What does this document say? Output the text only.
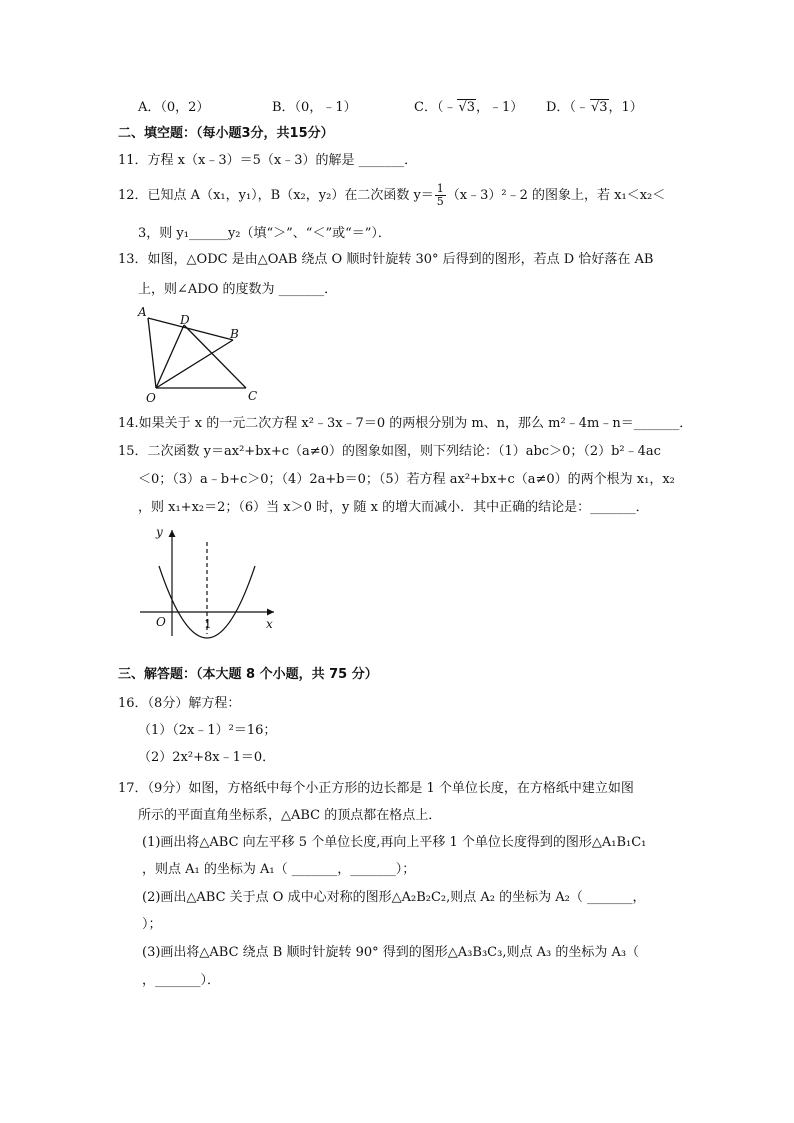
A．（0，2）	B．（0，﹣1）	C．（﹣ √3，﹣1） D．（﹣ √3，1）
二、填空题：（每小题3分，共15分）
11．方程 x（x﹣3）＝5（x﹣3）的解是 _______．
12．已知点 A（x₁，y₁），B（x₂，y₂）在二次函数 $y= \frac{1}{5}$ （x﹣3）²﹣2 的图象上，若 x₁＜x₂＜
3，则 y₁______y₂（填“＞”、“＜”或“＝”）．
13．如图，△ODC 是由△OAB 绕点 O 顺时针旋转 30° 后得到的图形，若点 D 恰好落在 AB
上，则∠ADO 的度数为 _______．
A
D
B
O	C
14.如果关于 x 的一元二次方程 x²﹣3x﹣7＝0 的两根分别为 m、n，那么 m²﹣4m﹣n＝_______．
15．二次函数 y＝ax²+bx+c（a≠0）的图象如图，则下列结论：（1）abc＞0；（2）b²﹣4ac
＜0；（3）a﹣b+c＞0；（4）2a+b＝0；（5）若方程 ax²+bx+c（a≠0）的两个根为 x₁，x₂
，则 x₁+x₂＝2；（6）当 x＞0 时，y 随 x 的增大而减小．其中正确的结论是：_______．
y
x
O	1
三、解答题：（本大题 8 个小题，共 75 分）
16．（8分）解方程：
（1）（2x﹣1）²＝16；
（2）2x²+8x﹣1＝0．
17．（9分）如图，方格纸中每个小正方形的边长都是 1 个单位长度，在方格纸中建立如图
所示的平面直角坐标系，△ABC 的顶点都在格点上．
(1)画出将△ABC 向左平移 5 个单位长度,再向上平移 1 个单位长度得到的图形△A₁B₁C₁
，则点 A₁ 的坐标为 A₁（ _______，_______）；
(2)画出△ABC 关于点 O 成中心对称的图形△A₂B₂C₂,则点 A₂ 的坐标为 A₂（ _______，
）；
(3)画出将△ABC 绕点 B 顺时针旋转 90° 得到的图形△A₃B₃C₃,则点 A₃ 的坐标为 A₃（
，_______）．
